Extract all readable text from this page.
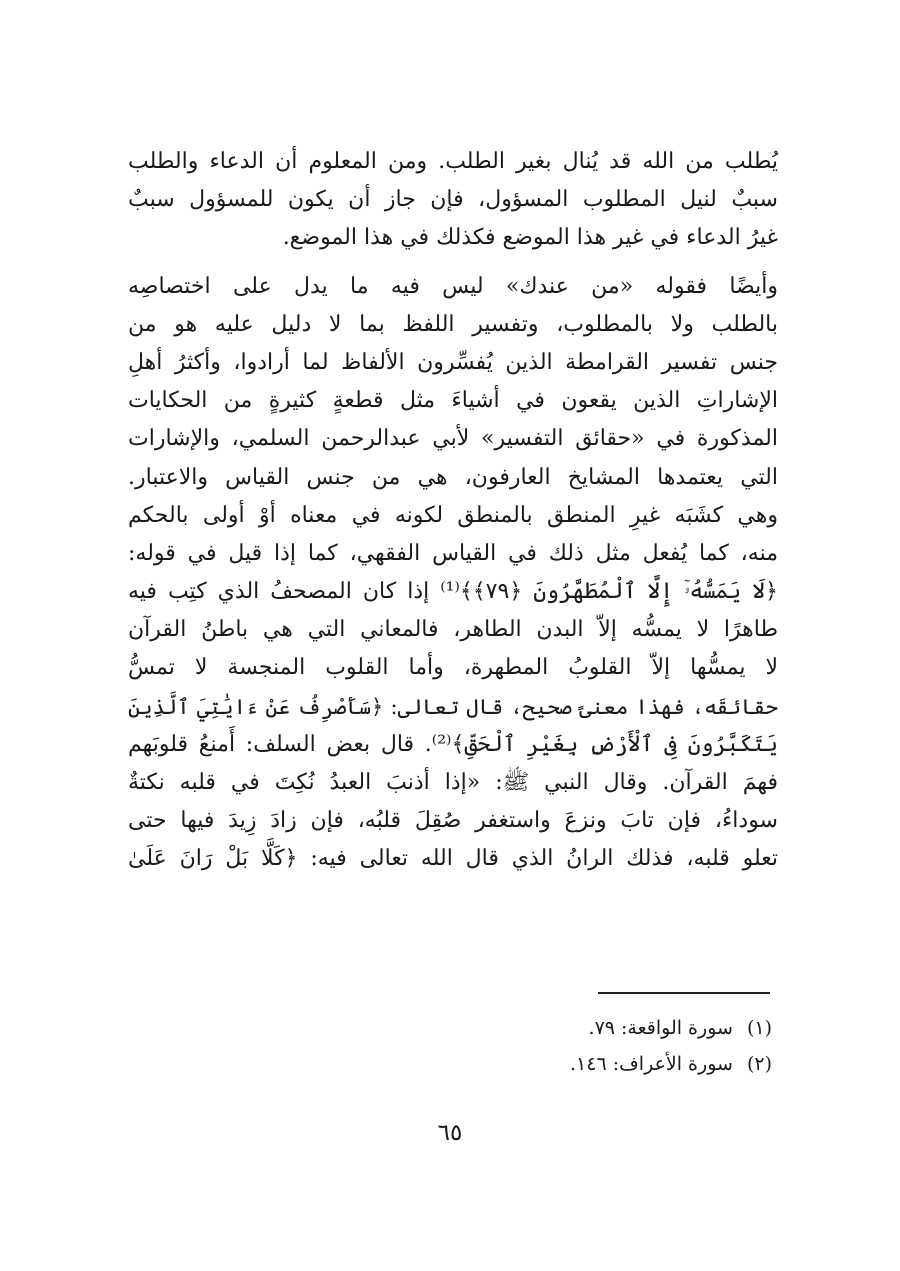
يُطلب من الله قد يُنال بغير الطلب. ومن المعلوم أن الدعاء والطلب
سببٌ لنيل المطلوب المسؤول، فإن جاز أن يكون للمسؤول سببٌ
غيرُ الدعاء في غير هذا الموضع فكذلك في هذا الموضع.
وأيضًا فقوله «من عندك» ليس فيه ما يدل على اختصاصِه
بالطلب ولا بالمطلوب، وتفسير اللفظ بما لا دليل عليه هو من
جنس تفسير القرامطة الذين يُفسِّرون الألفاظ لما أرادوا، وأكثرُ أهلِ
الإشاراتِ الذين يقعون في أشياءَ مثل قطعةٍ كثيرةٍ من الحكايات
المذكورة في «حقائق التفسير» لأبي عبدالرحمن السلمي، والإشارات
التي يعتمدها المشايخ العارفون، هي من جنس القياس والاعتبار.
وهي كشَبَه غيرِ المنطق بالمنطق لكونه في معناه أوْ أولى بالحكم
منه، كما يُفعل مثل ذلك في القياس الفقهي، كما إذا قيل في قوله:
﴿لَا يَمَسُّهُۥٓ إِلَّا ٱلْمُطَهَّرُونَ ﴿٧٩﴾﴾⁽¹⁾ إذا كان المصحفُ الذي كتِب فيه
طاهرًا لا يمسُّه إلاّ البدن الطاهر، فالمعاني التي هي باطنُ القرآن
لا يمسُّها إلاّ القلوبُ المطهرة، وأما القلوب المنجسة لا تمسُّ
حقائقَه، فهذا معنىً صحيح، قال تعالى: ﴿سَأَصْرِفُ عَنْ ءَايَٰتِيَ ٱلَّذِينَ
يَتَكَبَّرُونَ فِى ٱلْأَرْضِ بِغَيْرِ ٱلْحَقِّ﴾⁽²⁾. قال بعض السلف: أَمنعُ قلوبَهم
فهمَ القرآن. وقال النبي ﷺ: «إذا أذنبَ العبدُ نُكِتَ في قلبه نكتةٌ
سوداءُ، فإن تابَ ونزعَ واستغفر صُقِلَ قلبُه، فإن زادَ زِيدَ فيها حتى
تعلو قلبه، فذلك الرانُ الذي قال الله تعالى فيه: ﴿كَلَّا بَلْ رَانَ عَلَىٰ
(١)سورة الواقعة: ٧٩.
(٢)سورة الأعراف: ١٤٦.
٦٥
